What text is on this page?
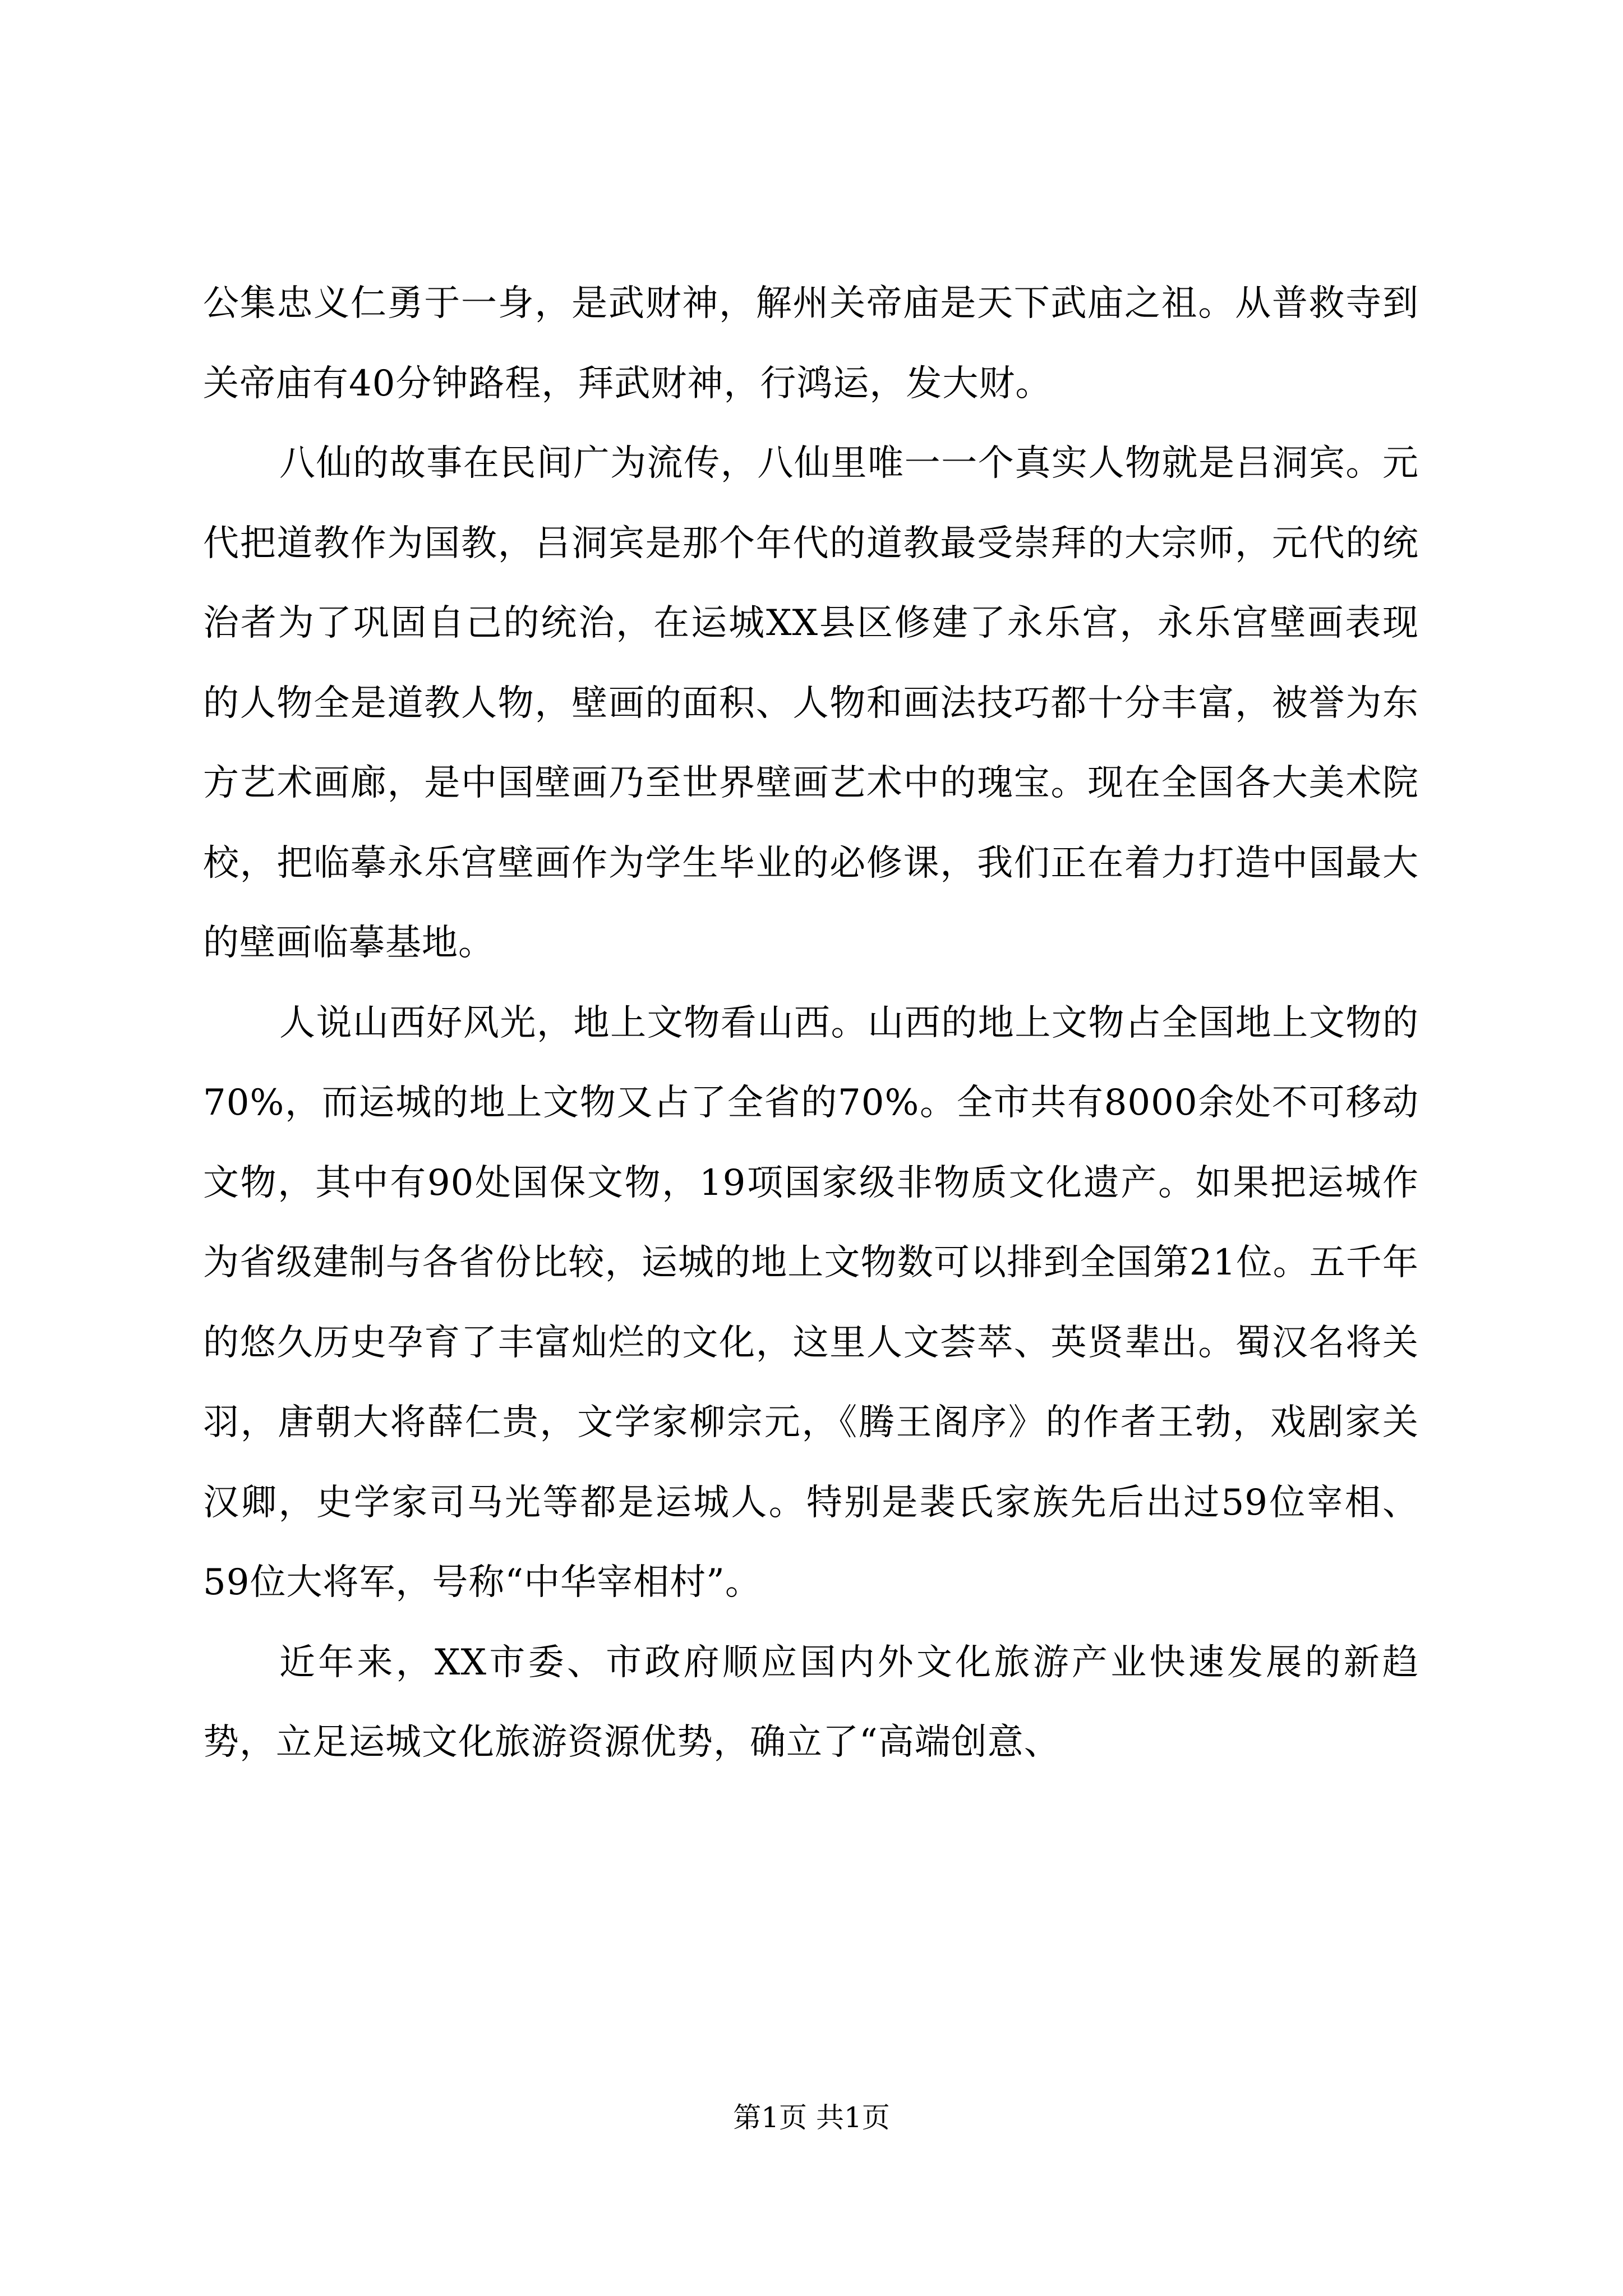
公集忠义仁勇于一身，是武财神，解州关帝庙是天下武庙之祖。从普救寺到关帝庙有40分钟路程，拜武财神，行鸿运，发大财。

八仙的故事在民间广为流传，八仙里唯一一个真实人物就是吕洞宾。元代把道教作为国教，吕洞宾是那个年代的道教最受崇拜的大宗师，元代的统治者为了巩固自己的统治，在运城XX县区修建了永乐宫，永乐宫壁画表现的人物全是道教人物，壁画的面积、人物和画法技巧都十分丰富，被誉为东方艺术画廊，是中国壁画乃至世界壁画艺术中的瑰宝。现在全国各大美术院校，把临摹永乐宫壁画作为学生毕业的必修课，我们正在着力打造中国最大的壁画临摹基地。

人说山西好风光，地上文物看山西。山西的地上文物占全国地上文物的70%，而运城的地上文物又占了全省的70%。全市共有8000余处不可移动文物，其中有90处国保文物，19项国家级非物质文化遗产。如果把运城作为省级建制与各省份比较，运城的地上文物数可以排到全国第21位。五千年的悠久历史孕育了丰富灿烂的文化，这里人文荟萃、英贤辈出。蜀汉名将关羽，唐朝大将薛仁贵，文学家柳宗元，《腾王阁序》的作者王勃，戏剧家关汉卿，史学家司马光等都是运城人。特别是裴氏家族先后出过59位宰相、59位大将军，号称“中华宰相村”。

近年来，XX市委、市政府顺应国内外文化旅游产业快速发展的新趋势，立足运城文化旅游资源优势，确立了“高端创意、

第1页 共1页
